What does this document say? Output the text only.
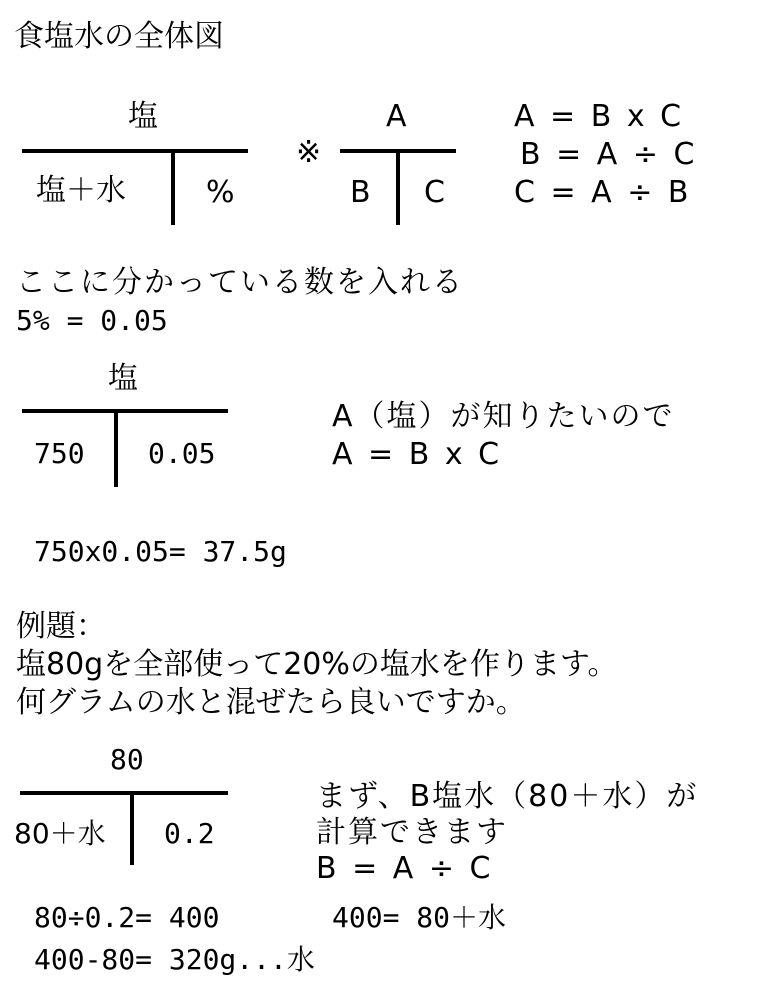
食塩水の全体図
塩
塩＋水	%
※
A
B C
A = B x C
B = A ÷ C
C = A ÷ B
ここに分かっている数を入れる
5% = 0.05
塩
750 0.05
A（塩）が知りたいので
A = B x C
750x0.05= 37.5g
例題：
塩80gを全部使って20%の塩水を作ります。
何グラムの水と混ぜたら良いですか。
80
80＋水 0.2
まず、B塩水（80＋水）が
計算できます
B = A ÷ C
80÷0.2= 400	400= 80＋水
400-80= 320g...水
